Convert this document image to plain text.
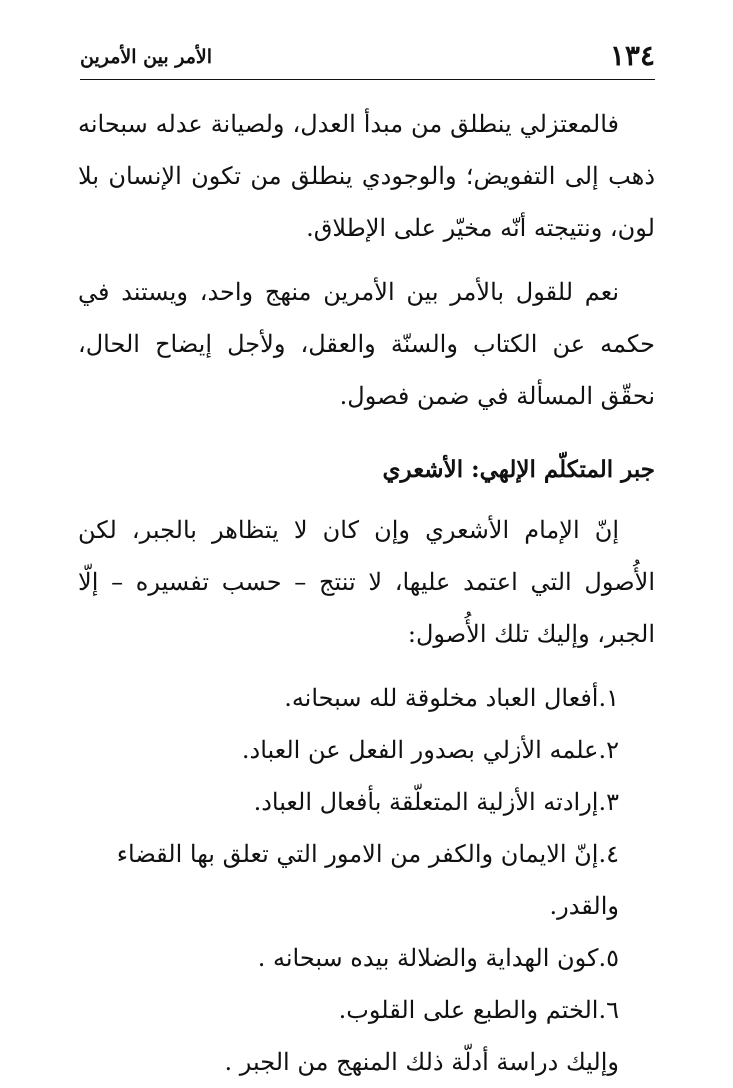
١٣٤
الأمر بين الأمرين

فالمعتزلي ينطلق من مبدأ العدل، ولصيانة عدله سبحانه ذهب إلى التفويض؛ والوجودي ينطلق من تكون الإنسان بلا لون، ونتيجته أنّه مخيّر على الإطلاق.

نعم للقول بالأمر بين الأمرين منهج واحد، ويستند في حكمه عن الكتاب والسنّة والعقل، ولأجل إيضاح الحال، نحقّق المسألة في ضمن فصول.

جبر المتكلّم الإلهي: الأشعري

إنّ الإمام الأشعري وإن كان لا يتظاهر بالجبر، لكن الأُصول التي اعتمد عليها، لا تنتج – حسب تفسيره – إلّا الجبر، وإليك تلك الأُصول:

١.أفعال العباد مخلوقة لله سبحانه.
٢.علمه الأزلي بصدور الفعل عن العباد.
٣.إرادته الأزلية المتعلّقة بأفعال العباد.
٤.إنّ الايمان والكفر من الامور التي تعلق بها القضاء والقدر.
٥.كون الهداية والضلالة بيده سبحانه .
٦.الختم والطبع على القلوب.

وإليك دراسة أدلّة ذلك المنهج من الجبر .
